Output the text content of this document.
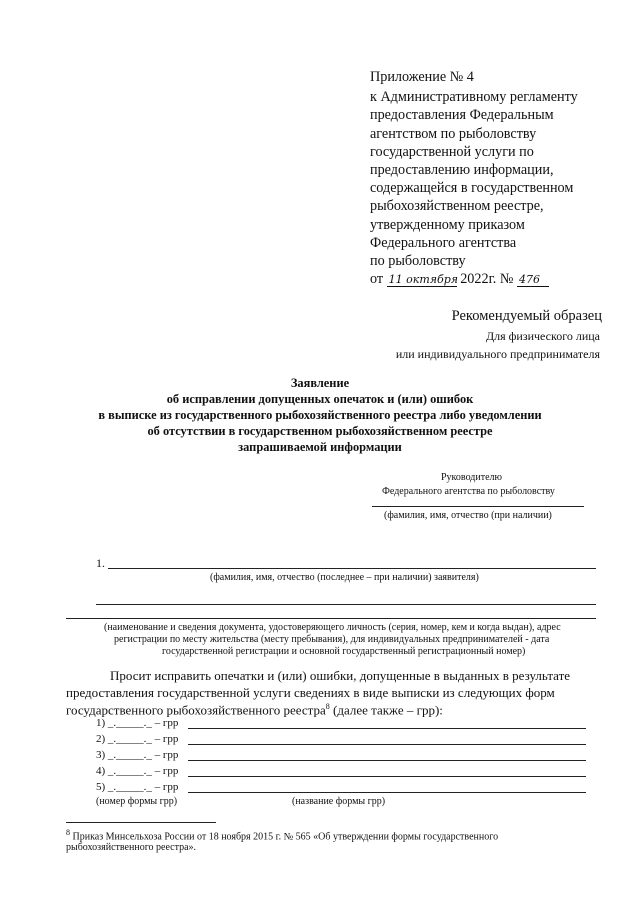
Приложение № 4
к Административному регламенту
предоставления Федеральным
агентством по рыболовству
государственной услуги по
предоставлению информации,
содержащейся в государственном
рыбохозяйственном реестре,
утвержденному приказом
Федерального агентства
по рыболовству
от 11 октября 2022г. № 476
Рекомендуемый образец
Для физического лица
или индивидуального предпринимателя
Заявление
об исправлении допущенных опечаток и (или) ошибок
в выписке из государственного рыбохозяйственного реестра либо уведомлении
об отсутствии в государственном рыбохозяйственном реестре
запрашиваемой информации
Руководителю
Федерального агентства по рыболовству
(фамилия, имя, отчество (при наличии)
1.
(фамилия, имя, отчество (последнее – при наличии) заявителя)
(наименование и сведения документа, удостоверяющего личность (серия, номер, кем и когда выдан), адрес
регистрации по месту жительства (месту пребывания), для индивидуальных предпринимателей - дата
государственной регистрации и основной государственный регистрационный номер)
Просит исправить опечатки и (или) ошибки, допущенные в выданных в результате
предоставления государственной услуги сведениях в виде выписки из следующих форм
государственного рыбохозяйственного реестра$^8$ (далее также – грр):
1) _._____._ – грр
2) _._____._ – грр
3) _._____._ – грр
4) _._____._ – грр
5) _._____._ – грр
(номер формы грр)	(название формы грр)
$^8$ Приказ Минсельхоза России от 18 ноября 2015 г. № 565 «Об утверждении формы государственного
рыбохозяйственного реестра».
